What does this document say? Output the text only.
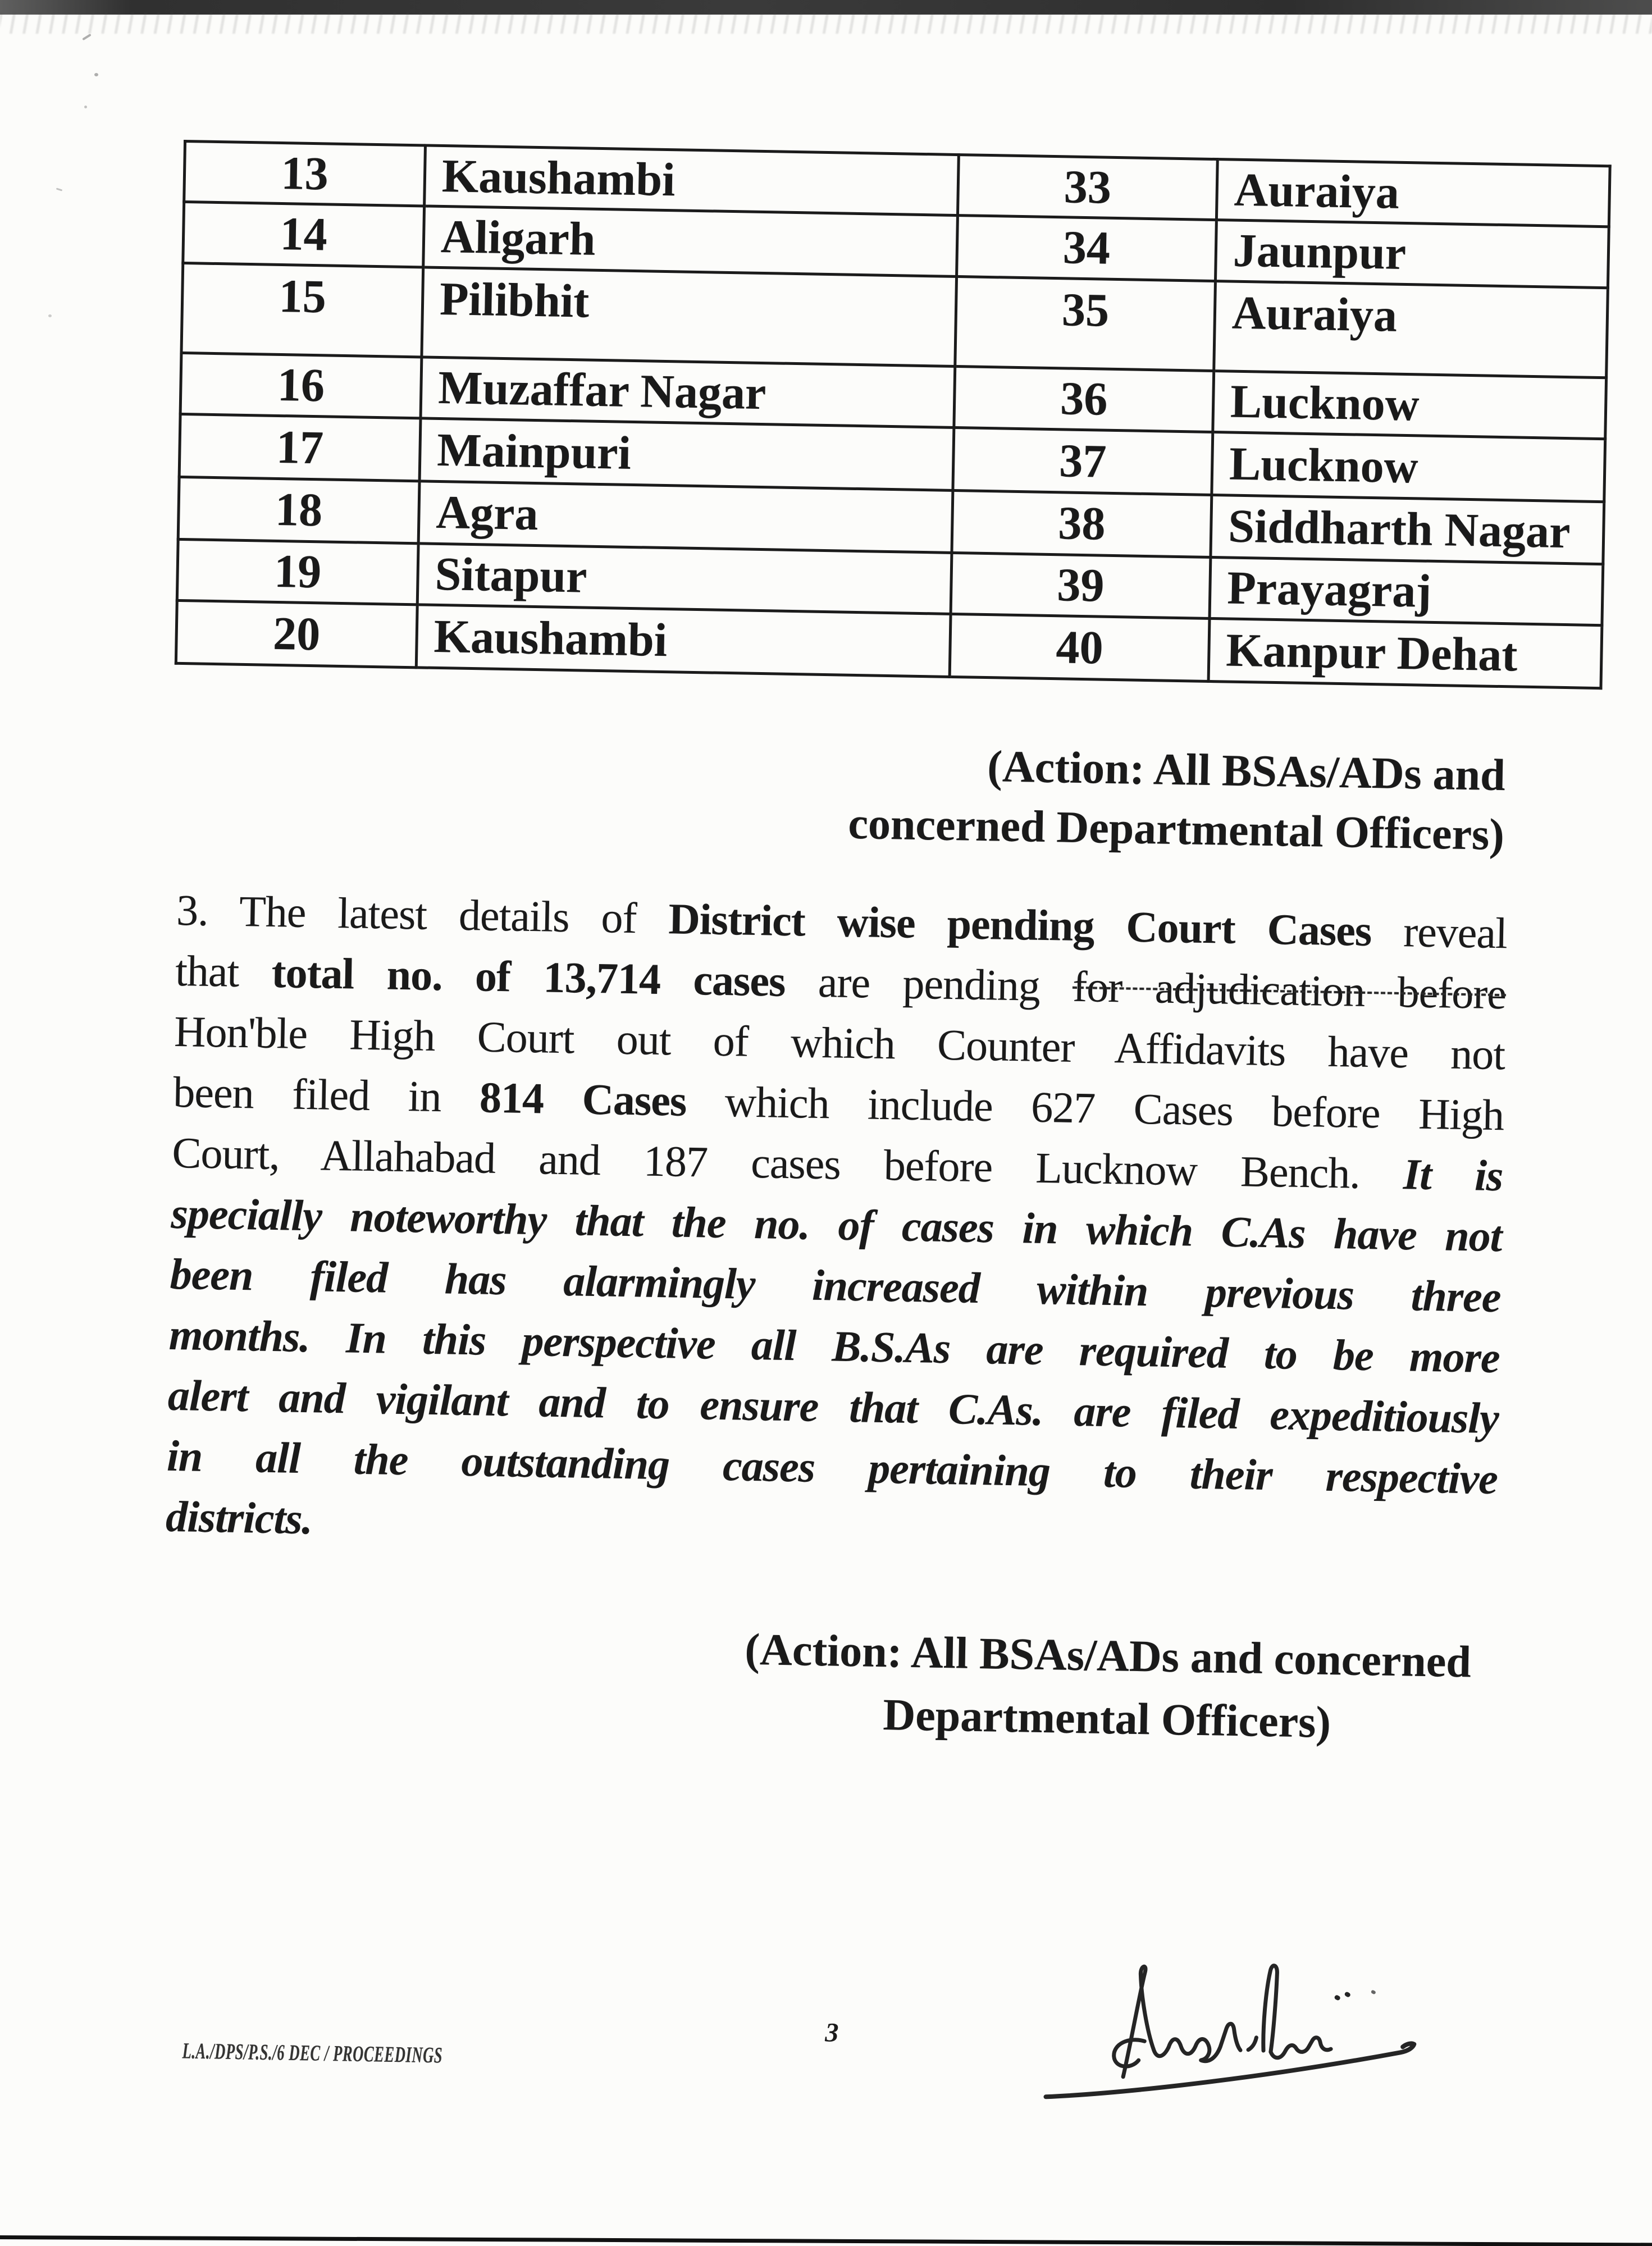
13	Kaushambi	33	Auraiya
14	Aligarh	34	Jaunpur
15	Pilibhit	35	Auraiya
16	Muzaffar Nagar	36	Lucknow
17	Mainpuri	37	Lucknow
18	Agra	38	Siddharth Nagar
19	Sitapur	39	Prayagraj
20	Kaushambi	40	Kanpur Dehat
(Action: All BSAs/ADs and
concerned Departmental Officers)
3. The latest details of District wise pending Court Cases reveal
that total no. of 13,714 cases are pending for adjudication before
Hon'ble High Court out of which Counter Affidavits have not
been filed in 814 Cases which include 627 Cases before High
Court, Allahabad and 187 cases before Lucknow Bench. It is
specially noteworthy that the no. of cases in which C.As have not
been filed has alarmingly increased within previous three
months. In this perspective all B.S.As are required to be more
alert and vigilant and to ensure that C.As. are filed expeditiously
in all the outstanding cases pertaining to their respective
districts.
(Action: All BSAs/ADs and concerned
Departmental Officers)
3
L.A./DPS/P.S./6 DEC / PROCEEDINGS
